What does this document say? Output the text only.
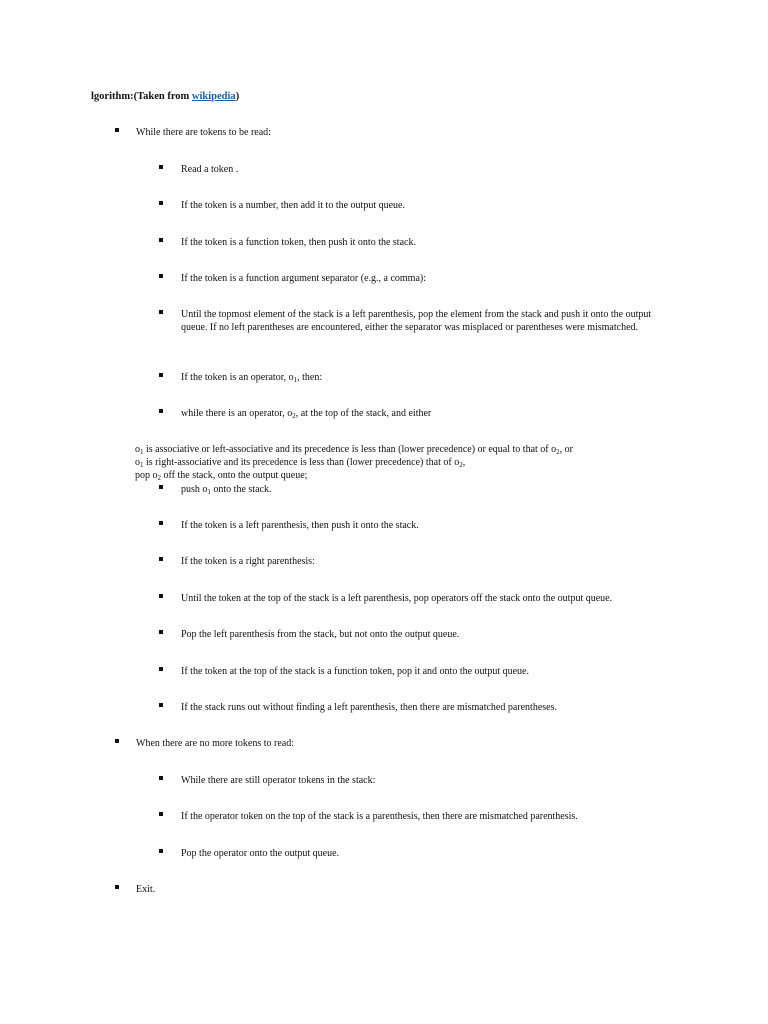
lgorithm:(Taken from wikipedia)
While there are tokens to be read:
Read a token .
If the token is a number, then add it to the output queue.
If the token is a function token, then push it onto the stack.
If the token is a function argument separator (e.g., a comma):
Until the topmost element of the stack is a left parenthesis, pop the element from the stack and push it onto the output queue. If no left parentheses are encountered, either the separator was misplaced or parentheses were mismatched.
If the token is an operator, $o_1$, then:
while there is an operator, $o_2$, at the top of the stack, and either
$o_1$ is associative or left-associative and its precedence is less than (lower precedence) or equal to that of $o_2$, or
$o_1$ is right-associative and its precedence is less than (lower precedence) that of $o_2$,
pop $o_2$ off the stack, onto the output queue;
push $o_1$ onto the stack.
If the token is a left parenthesis, then push it onto the stack.
If the token is a right parenthesis:
Until the token at the top of the stack is a left parenthesis, pop operators off the stack onto the output queue.
Pop the left parenthesis from the stack, but not onto the output queue.
If the token at the top of the stack is a function token, pop it and onto the output queue.
If the stack runs out without finding a left parenthesis, then there are mismatched parentheses.
When there are no more tokens to read:
While there are still operator tokens in the stack:
If the operator token on the top of the stack is a parenthesis, then there are mismatched parenthesis.
Pop the operator onto the output queue.
Exit.
